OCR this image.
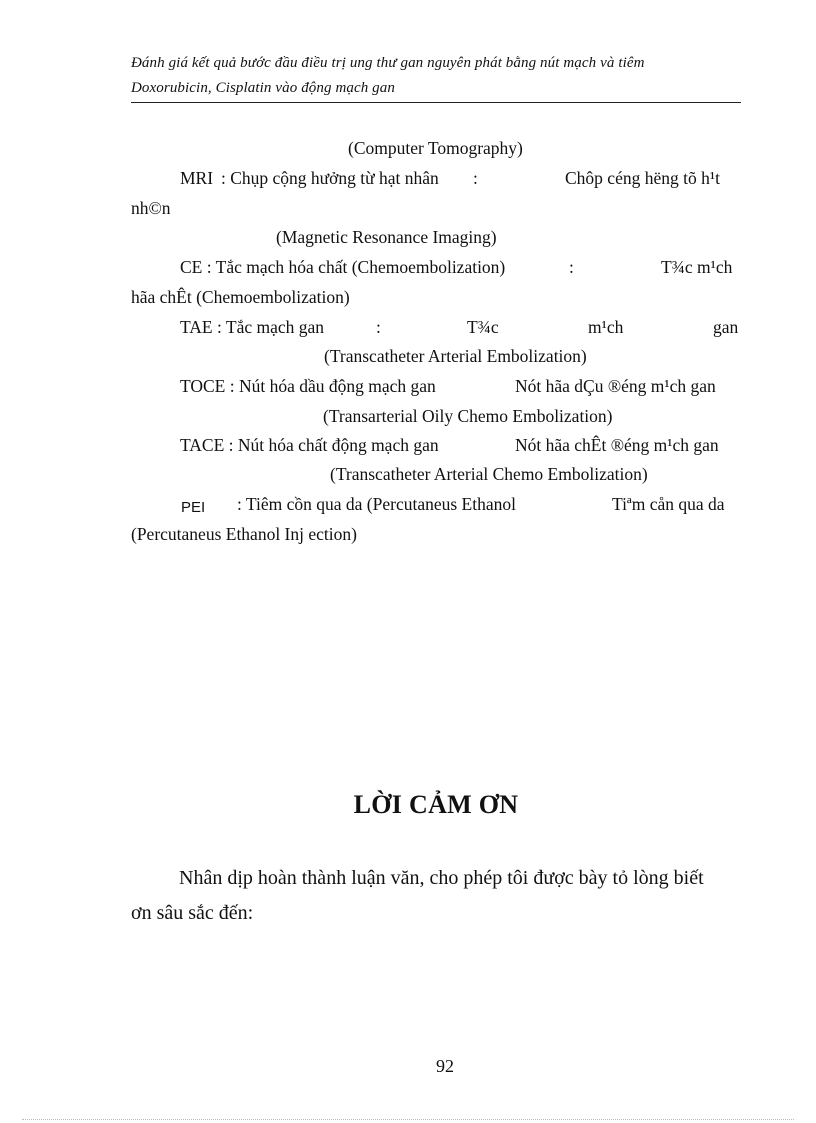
Đánh giá kết quả bước đầu điều trị ung thư gan nguyên phát bằng nút mạch và tiêm
Doxorubicin, Cisplatin vào động mạch gan
(Computer Tomography)
MRI : Chụp cộng hưởng từ hạt nhân :	Chôp céng hëng tõ h¹t
nh©n
(Magnetic Resonance Imaging)
CE : Tắc mạch hóa chất (Chemoembolization)	:	T¾c m¹ch
hãa chÊt (Chemoembolization)
TAE : Tắc mạch gan	:	T¾c	m¹ch	gan
(Transcatheter Arterial Embolization)
TOCE : Nút hóa dầu động mạch gan	Nót hãa dÇu ®éng m¹ch gan
(Transarterial Oily Chemo Embolization)
TACE : Nút hóa chất động mạch gan	Nót hãa chÊt ®éng m¹ch gan
(Transcatheter Arterial Chemo Embolization)
PEI : Tiêm cồn qua da (Percutaneus Ethanol	Tiªm cån qua da
(Percutaneus Ethanol Inj ection)
LỜI CẢM ƠN
Nhân dịp hoàn thành luận văn, cho phép tôi được bày tỏ lòng biết
ơn sâu sắc đến:
92
